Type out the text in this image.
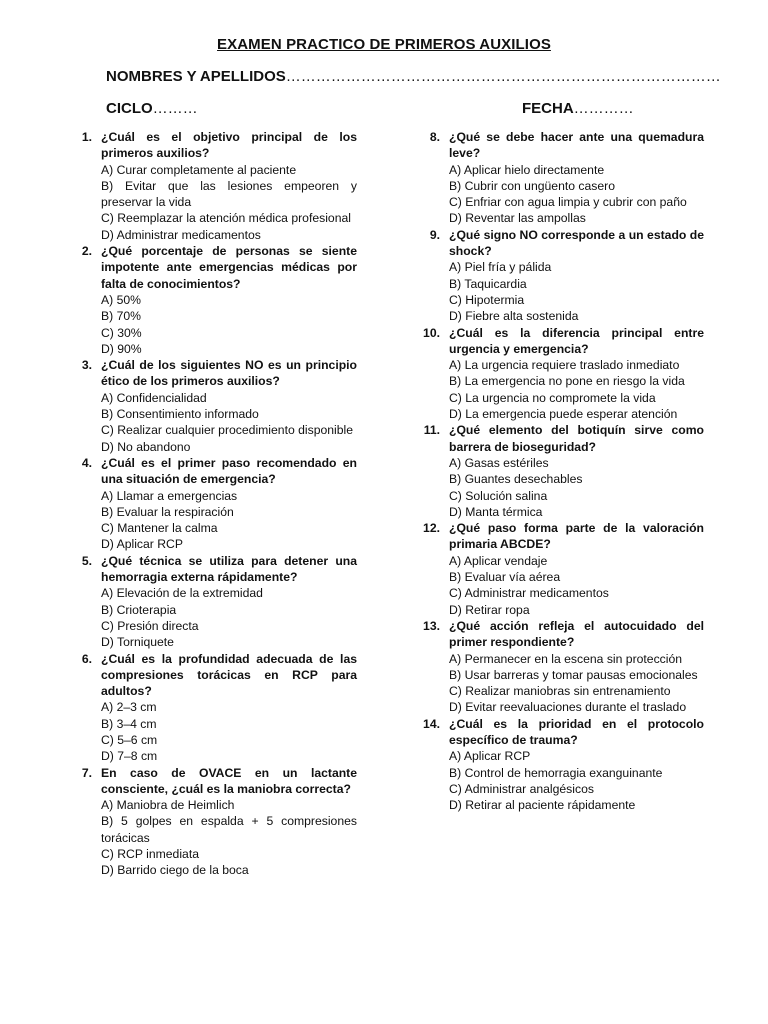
EXAMEN PRACTICO DE PRIMEROS AUXILIOS
NOMBRES Y APELLIDOS……………………………………………………………………………
CICLO………	FECHA…………
1. ¿Cuál es el objetivo principal de los primeros auxilios?
A) Curar completamente al paciente
B) Evitar que las lesiones empeoren y preservar la vida
C) Reemplazar la atención médica profesional
D) Administrar medicamentos
2. ¿Qué porcentaje de personas se siente impotente ante emergencias médicas por falta de conocimientos?
A) 50%
B) 70%
C) 30%
D) 90%
3. ¿Cuál de los siguientes NO es un principio ético de los primeros auxilios?
A) Confidencialidad
B) Consentimiento informado
C) Realizar cualquier procedimiento disponible
D) No abandono
4. ¿Cuál es el primer paso recomendado en una situación de emergencia?
A) Llamar a emergencias
B) Evaluar la respiración
C) Mantener la calma
D) Aplicar RCP
5. ¿Qué técnica se utiliza para detener una hemorragia externa rápidamente?
A) Elevación de la extremidad
B) Crioterapia
C) Presión directa
D) Torniquete
6. ¿Cuál es la profundidad adecuada de las compresiones torácicas en RCP para adultos?
A) 2–3 cm
B) 3–4 cm
C) 5–6 cm
D) 7–8 cm
7. En caso de OVACE en un lactante consciente, ¿cuál es la maniobra correcta?
A) Maniobra de Heimlich
B) 5 golpes en espalda + 5 compresiones torácicas
C) RCP inmediata
D) Barrido ciego de la boca
8. ¿Qué se debe hacer ante una quemadura leve?
A) Aplicar hielo directamente
B) Cubrir con ungüento casero
C) Enfriar con agua limpia y cubrir con paño
D) Reventar las ampollas
9. ¿Qué signo NO corresponde a un estado de shock?
A) Piel fría y pálida
B) Taquicardia
C) Hipotermia
D) Fiebre alta sostenida
10. ¿Cuál es la diferencia principal entre urgencia y emergencia?
A) La urgencia requiere traslado inmediato
B) La emergencia no pone en riesgo la vida
C) La urgencia no compromete la vida
D) La emergencia puede esperar atención
11. ¿Qué elemento del botiquín sirve como barrera de bioseguridad?
A) Gasas estériles
B) Guantes desechables
C) Solución salina
D) Manta térmica
12. ¿Qué paso forma parte de la valoración primaria ABCDE?
A) Aplicar vendaje
B) Evaluar vía aérea
C) Administrar medicamentos
D) Retirar ropa
13. ¿Qué acción refleja el autocuidado del primer respondiente?
A) Permanecer en la escena sin protección
B) Usar barreras y tomar pausas emocionales
C) Realizar maniobras sin entrenamiento
D) Evitar reevaluaciones durante el traslado
14. ¿Cuál es la prioridad en el protocolo específico de trauma?
A) Aplicar RCP
B) Control de hemorragia exanguinante
C) Administrar analgésicos
D) Retirar al paciente rápidamente
